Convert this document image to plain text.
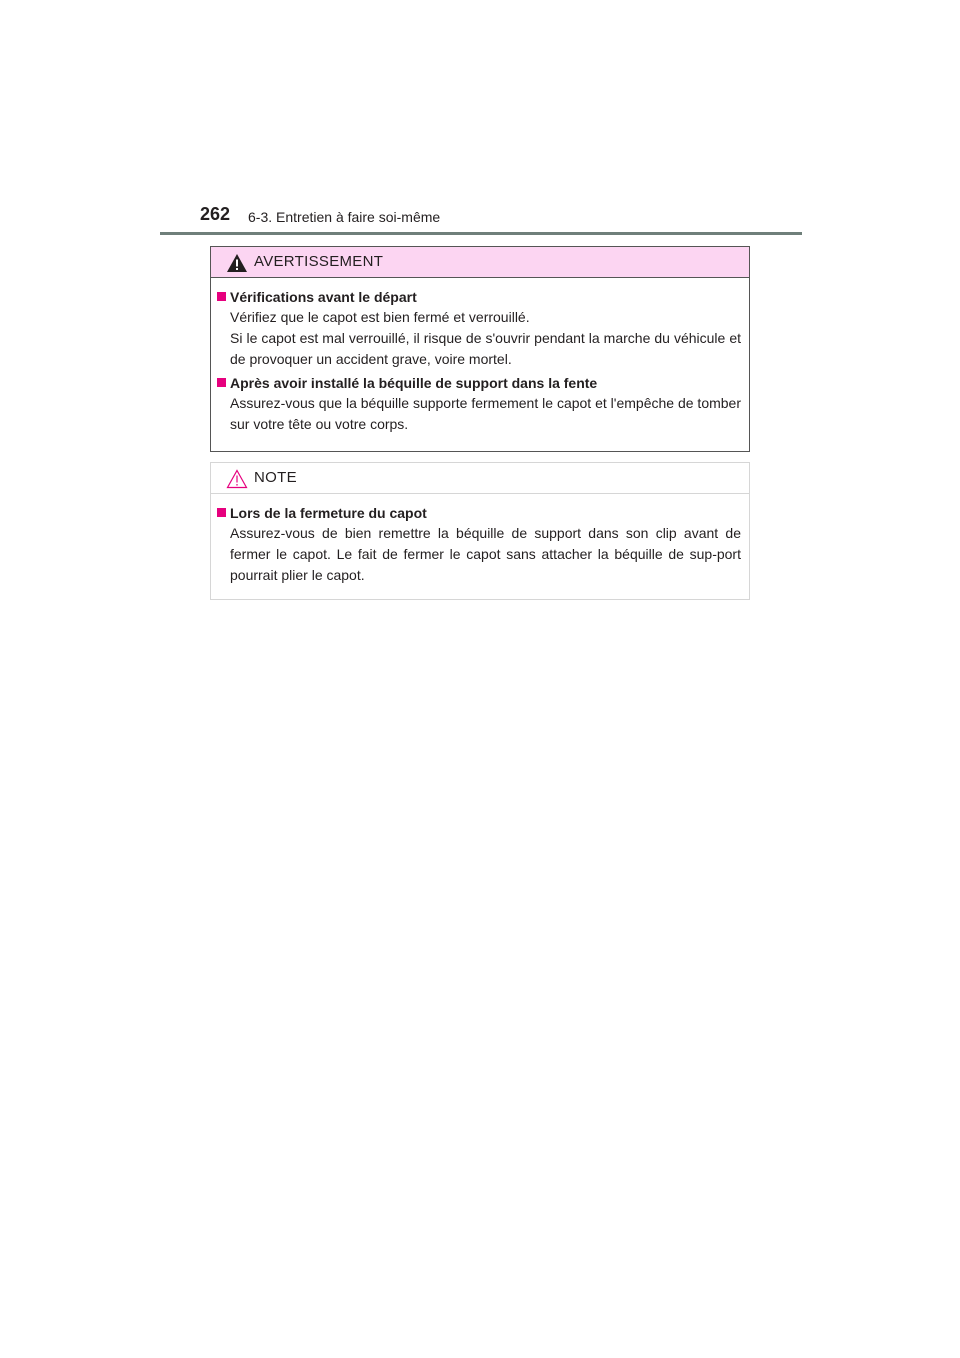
262 6-3. Entretien à faire soi-même
AVERTISSEMENT
Vérifications avant le départ

Vérifiez que le capot est bien fermé et verrouillé.

Si le capot est mal verrouillé, il risque de s'ouvrir pendant la marche du véhicule et de provoquer un accident grave, voire mortel.

Après avoir installé la béquille de support dans la fente

Assurez-vous que la béquille supporte fermement le capot et l'empêche de tomber sur votre tête ou votre corps.

NOTE
Lors de la fermeture du capot

Assurez-vous de bien remettre la béquille de support dans son clip avant de fermer le capot. Le fait de fermer le capot sans attacher la béquille de sup-port pourrait plier le capot.
